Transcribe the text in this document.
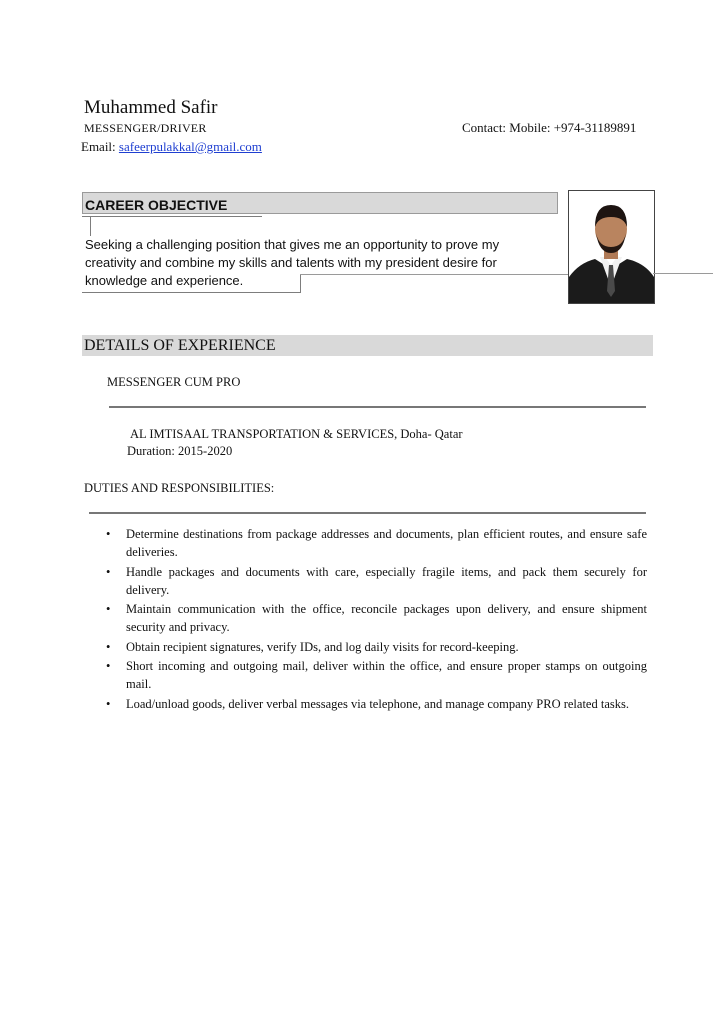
Muhammed Safir
MESSENGER/DRIVER	Contact: Mobile: +974-31189891
Email: safeerpulakkal@gmail.com
CAREER OBJECTIVE
Seeking a challenging position that gives me an opportunity to prove my creativity and combine my skills and talents with my president desire for knowledge and experience.
DETAILS OF EXPERIENCE
MESSENGER CUM PRO
AL IMTISAAL TRANSPORTATION & SERVICES, Doha- Qatar
Duration: 2015-2020
DUTIES AND RESPONSIBILITIES:
• Determine destinations from package addresses and documents, plan efficient routes, and ensure safe deliveries.
• Handle packages and documents with care, especially fragile items, and pack them securely for delivery.
• Maintain communication with the office, reconcile packages upon delivery, and ensure shipment security and privacy.
• Obtain recipient signatures, verify IDs, and log daily visits for record-keeping.
• Short incoming and outgoing mail, deliver within the office, and ensure proper stamps on outgoing mail.
• Load/unload goods, deliver verbal messages via telephone, and manage company PRO related tasks.
